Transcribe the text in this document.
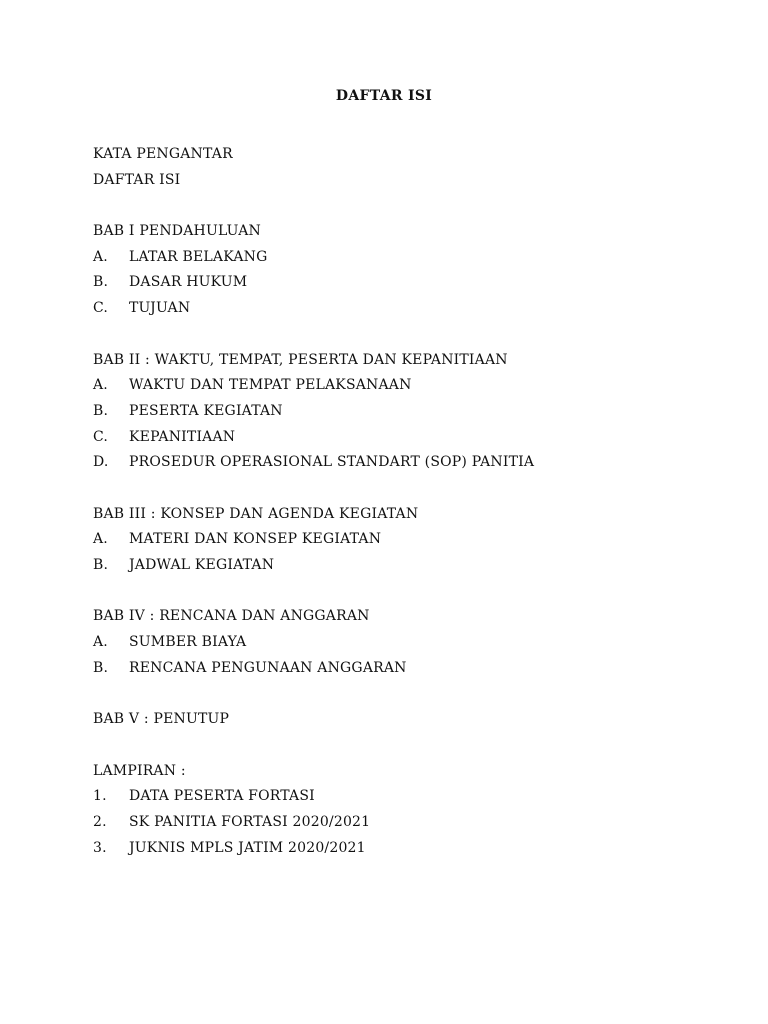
DAFTAR ISI
KATA PENGANTAR
DAFTAR ISI
BAB I PENDAHULUAN
A.	LATAR BELAKANG
B.	DASAR HUKUM
C.	TUJUAN
BAB II : WAKTU, TEMPAT, PESERTA DAN KEPANITIAAN
A.	WAKTU DAN TEMPAT PELAKSANAAN
B.	PESERTA KEGIATAN
C.	KEPANITIAAN
D.	PROSEDUR OPERASIONAL STANDART (SOP) PANITIA
BAB III : KONSEP DAN AGENDA KEGIATAN
A.	MATERI DAN KONSEP KEGIATAN
B.	JADWAL KEGIATAN
BAB IV : RENCANA DAN ANGGARAN
A.	SUMBER BIAYA
B.	RENCANA PENGUNAAN ANGGARAN
BAB V : PENUTUP
LAMPIRAN :
1.	DATA PESERTA FORTASI
2.	SK PANITIA FORTASI 2020/2021
3.	JUKNIS MPLS JATIM 2020/2021
